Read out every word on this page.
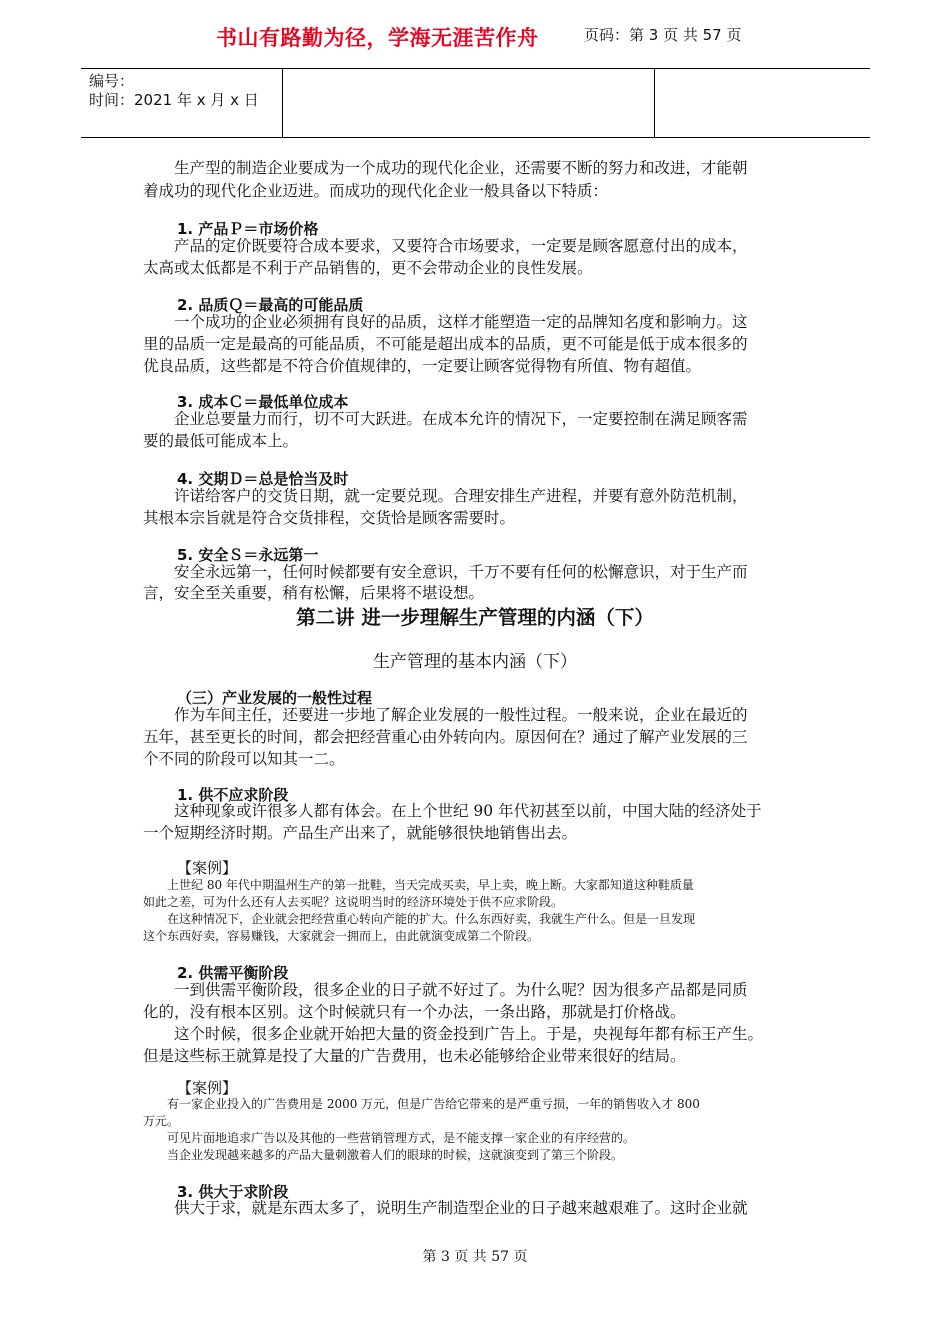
编号：
时间：2021 年 x 月 x 日
书山有路勤为径，学海无涯苦作舟	页码：第 3 页 共 57 页

　　生产型的制造企业要成为一个成功的现代化企业，还需要不断的努力和改进，才能朝

着成功的现代化企业迈进。而成功的现代化企业一般具备以下特质：

1. 产品Ｐ＝市场价格

　　产品的定价既要符合成本要求，又要符合市场要求，一定要是顾客愿意付出的成本，

太高或太低都是不利于产品销售的，更不会带动企业的良性发展。

2. 品质Ｑ＝最高的可能品质

　　一个成功的企业必须拥有良好的品质，这样才能塑造一定的品牌知名度和影响力。这

里的品质一定是最高的可能品质，不可能是超出成本的品质，更不可能是低于成本很多的

优良品质，这些都是不符合价值规律的，一定要让顾客觉得物有所值、物有超值。

3. 成本Ｃ＝最低单位成本

　　企业总要量力而行，切不可大跃进。在成本允许的情况下，一定要控制在满足顾客需

要的最低可能成本上。

4. 交期Ｄ＝总是恰当及时

　　许诺给客户的交货日期，就一定要兑现。合理安排生产进程，并要有意外防范机制，

其根本宗旨就是符合交货排程，交货恰是顾客需要时。

5. 安全Ｓ＝永远第一

　　安全永远第一，任何时候都要有安全意识，千万不要有任何的松懈意识，对于生产而

言，安全至关重要，稍有松懈，后果将不堪设想。

第二讲 进一步理解生产管理的内涵（下）
生产管理的基本内涵（下）
（三）产业发展的一般性过程

　　作为车间主任，还要进一步地了解企业发展的一般性过程。一般来说，企业在最近的

五年，甚至更长的时间，都会把经营重心由外转向内。原因何在？通过了解产业发展的三

个不同的阶段可以知其一二。

1. 供不应求阶段

　　这种现象或许很多人都有体会。在上个世纪 90 年代初甚至以前，中国大陆的经济处于

一个短期经济时期。产品生产出来了，就能够很快地销售出去。

【案例】
　　上世纪 80 年代中期温州生产的第一批鞋，当天完成买卖，早上卖，晚上断。大家都知道这种鞋质量
如此之差，可为什么还有人去买呢？这说明当时的经济环境处于供不应求阶段。
　　在这种情况下，企业就会把经营重心转向产能的扩大。什么东西好卖，我就生产什么。但是一旦发现
这个东西好卖，容易赚钱，大家就会一拥而上，由此就演变成第二个阶段。
2. 供需平衡阶段

　　一到供需平衡阶段，很多企业的日子就不好过了。为什么呢？因为很多产品都是同质

化的，没有根本区别。这个时候就只有一个办法，一条出路，那就是打价格战。

　　这个时候，很多企业就开始把大量的资金投到广告上。于是，央视每年都有标王产生。

但是这些标王就算是投了大量的广告费用，也未必能够给企业带来很好的结局。

【案例】
　　有一家企业投入的广告费用是 2000 万元，但是广告给它带来的是严重亏损，一年的销售收入才 800
万元。
　　可见片面地追求广告以及其他的一些营销管理方式，是不能支撑一家企业的有序经营的。
　　当企业发现越来越多的产品大量刺激着人们的眼球的时候，这就演变到了第三个阶段。
3. 供大于求阶段

　　供大于求，就是东西太多了，说明生产制造型企业的日子越来越艰难了。这时企业就

第 3 页 共 57 页
